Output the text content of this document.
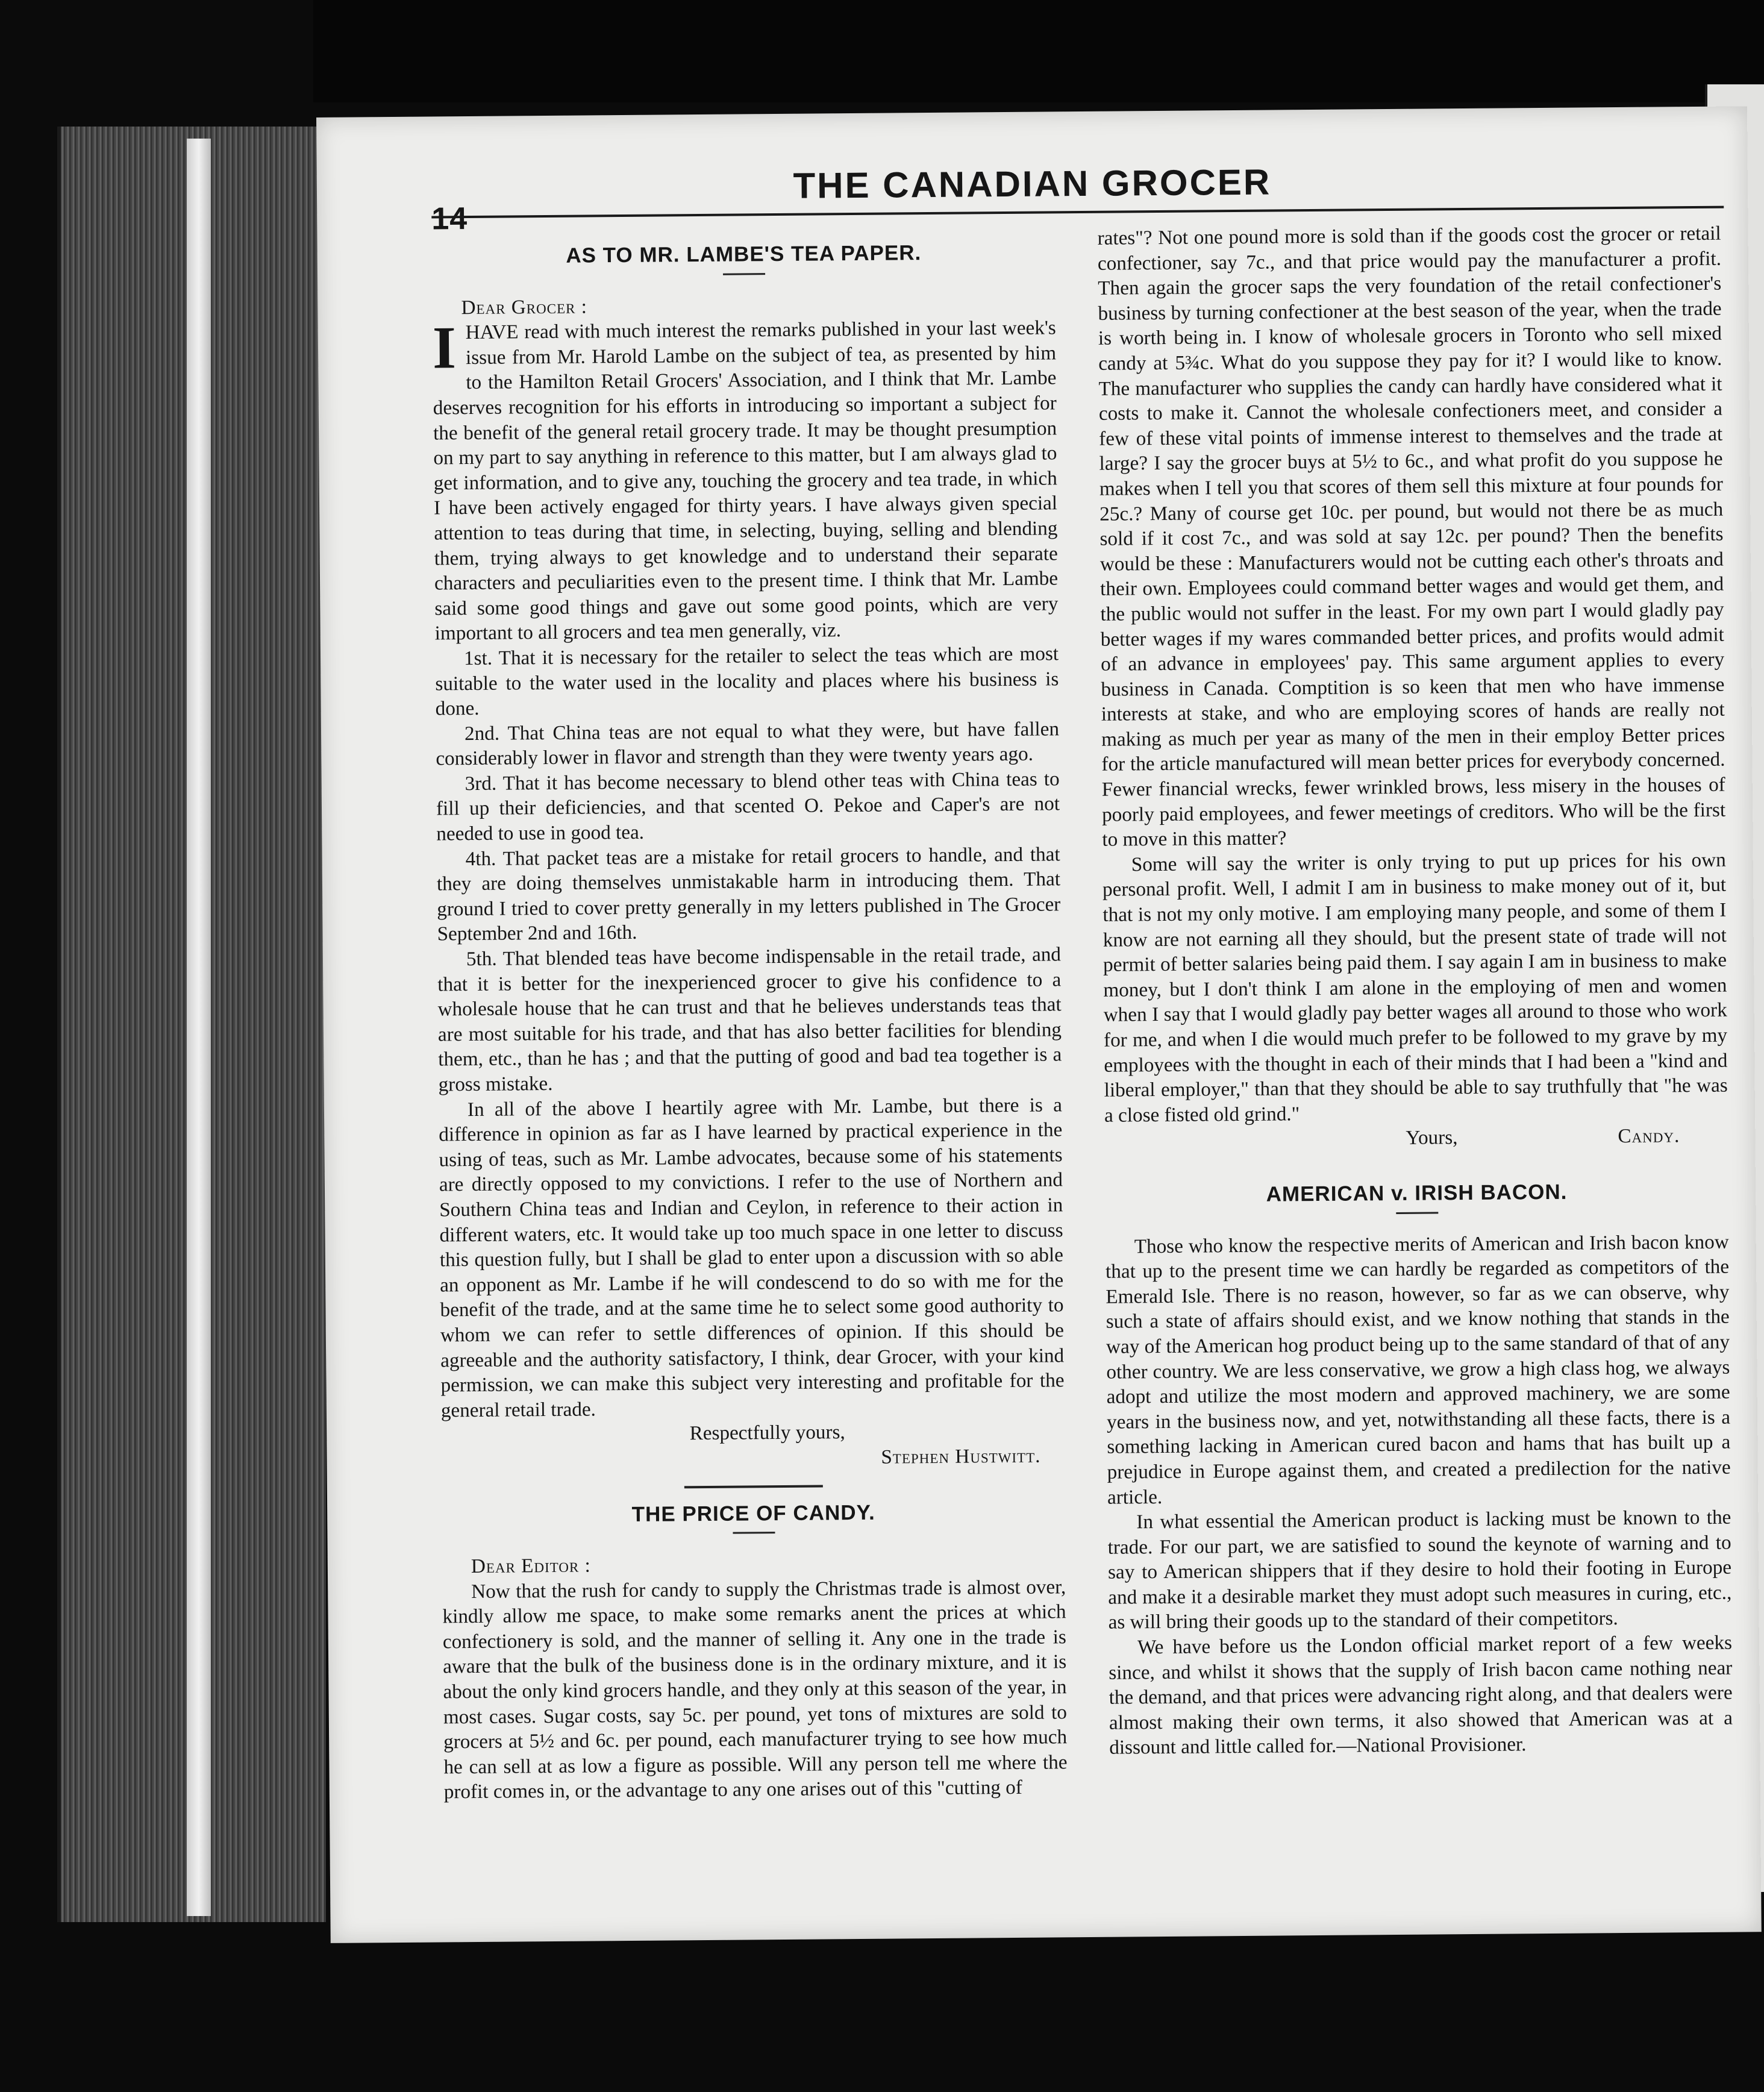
14
THE CANADIAN GROCER
AS TO MR. LAMBE'S TEA PAPER.

Dear Grocer :

IHAVE read with much interest the remarks published in your last week's issue from Mr. Harold Lambe on the subject of tea, as presented by him to the Hamilton Retail Grocers' Association, and I think that Mr. Lambe deserves recognition for his efforts in introducing so important a subject for the benefit of the general retail grocery trade. It may be thought presumption on my part to say anything in reference to this matter, but I am always glad to get information, and to give any, touching the grocery and tea trade, in which I have been actively engaged for thirty years. I have always given special attention to teas during that time, in selecting, buying, selling and blending them, trying always to get knowledge and to understand their separate characters and peculiarities even to the present time. I think that Mr. Lambe said some good things and gave out some good points, which are very important to all grocers and tea men generally, viz.

1st. That it is necessary for the retailer to select the teas which are most suitable to the water used in the locality and places where his business is done.

2nd. That China teas are not equal to what they were, but have fallen considerably lower in flavor and strength than they were twenty years ago.

3rd. That it has become necessary to blend other teas with China teas to fill up their deficiencies, and that scented O. Pekoe and Caper's are not needed to use in good tea.

4th. That packet teas are a mistake for retail grocers to handle, and that they are doing themselves unmistakable harm in introducing them. That ground I tried to cover pretty generally in my letters published in The Grocer September 2nd and 16th.

5th. That blended teas have become indispensable in the retail trade, and that it is better for the inexperienced grocer to give his confidence to a wholesale house that he can trust and that he believes understands teas that are most suitable for his trade, and that has also better facilities for blending them, etc., than he has ; and that the putting of good and bad tea together is a gross mistake.

In all of the above I heartily agree with Mr. Lambe, but there is a difference in opinion as far as I have learned by practical experience in the using of teas, such as Mr. Lambe advocates, because some of his statements are directly opposed to my convictions. I refer to the use of Northern and Southern China teas and Indian and Ceylon, in reference to their action in different waters, etc. It would take up too much space in one letter to discuss this question fully, but I shall be glad to enter upon a discussion with so able an opponent as Mr. Lambe if he will condescend to do so with me for the benefit of the trade, and at the same time he to select some good authority to whom we can refer to settle differences of opinion. If this should be agreeable and the authority satisfactory, I think, dear Grocer, with your kind permission, we can make this subject very interesting and profitable for the general retail trade.

Respectfully yours,

Stephen Hustwitt.

THE PRICE OF CANDY.

Dear Editor :

Now that the rush for candy to supply the Christmas trade is almost over, kindly allow me space, to make some remarks anent the prices at which confectionery is sold, and the manner of selling it. Any one in the trade is aware that the bulk of the business done is in the ordinary mixture, and it is about the only kind grocers handle, and they only at this season of the year, in most cases. Sugar costs, say 5c. per pound, yet tons of mixtures are sold to grocers at 5½ and 6c. per pound, each manufacturer trying to see how much he can sell at as low a figure as possible. Will any person tell me where the profit comes in, or the advantage to any one arises out of this "cutting of

rates"? Not one pound more is sold than if the goods cost the grocer or retail confectioner, say 7c., and that price would pay the manufacturer a profit. Then again the grocer saps the very foundation of the retail confectioner's business by turning confectioner at the best season of the year, when the trade is worth being in. I know of wholesale grocers in Toronto who sell mixed candy at 5¾c. What do you suppose they pay for it? I would like to know. The manufacturer who supplies the candy can hardly have considered what it costs to make it. Cannot the wholesale confectioners meet, and consider a few of these vital points of immense interest to themselves and the trade at large? I say the grocer buys at 5½ to 6c., and what profit do you suppose he makes when I tell you that scores of them sell this mixture at four pounds for 25c.? Many of course get 10c. per pound, but would not there be as much sold if it cost 7c., and was sold at say 12c. per pound? Then the benefits would be these : Manufacturers would not be cutting each other's throats and their own. Employees could command better wages and would get them, and the public would not suffer in the least. For my own part I would gladly pay better wages if my wares commanded better prices, and profits would admit of an advance in employees' pay. This same argument applies to every business in Canada. Comptition is so keen that men who have immense interests at stake, and who are employing scores of hands are really not making as much per year as many of the men in their employ Better prices for the article manufactured will mean better prices for everybody concerned. Fewer financial wrecks, fewer wrinkled brows, less misery in the houses of poorly paid employees, and fewer meetings of creditors. Who will be the first to move in this matter?

Some will say the writer is only trying to put up prices for his own personal profit. Well, I admit I am in business to make money out of it, but that is not my only motive. I am employing many people, and some of them I know are not earning all they should, but the present state of trade will not permit of better salaries being paid them. I say again I am in business to make money, but I don't think I am alone in the employing of men and women when I say that I would gladly pay better wages all around to those who work for me, and when I die would much prefer to be followed to my grave by my employees with the thought in each of their minds that I had been a "kind and liberal employer," than that they should be able to say truthfully that "he was a close fisted old grind."

Yours,	Candy.

AMERICAN v. IRISH BACON.

Those who know the respective merits of American and Irish bacon know that up to the present time we can hardly be regarded as competitors of the Emerald Isle. There is no reason, however, so far as we can observe, why such a state of affairs should exist, and we know nothing that stands in the way of the American hog product being up to the same standard of that of any other country. We are less conservative, we grow a high class hog, we always adopt and utilize the most modern and approved machinery, we are some years in the business now, and yet, notwithstanding all these facts, there is a something lacking in American cured bacon and hams that has built up a prejudice in Europe against them, and created a predilection for the native article.

In what essential the American product is lacking must be known to the trade. For our part, we are satisfied to sound the keynote of warning and to say to American shippers that if they desire to hold their footing in Europe and make it a desirable market they must adopt such measures in curing, etc., as will bring their goods up to the standard of their competitors.

We have before us the London official market report of a few weeks since, and whilst it shows that the supply of Irish bacon came nothing near the demand, and that prices were advancing right along, and that dealers were almost making their own terms, it also showed that American was at a dissount and little called for.—National Provisioner.
